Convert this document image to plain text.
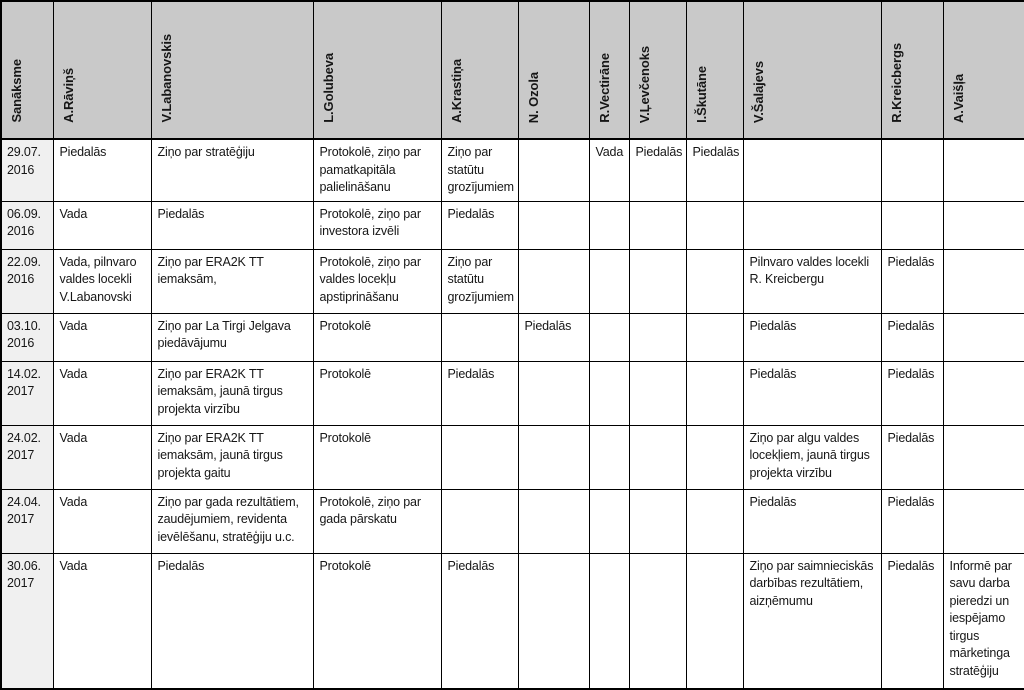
Sanāksme	A.Rāviņš	V.Labanovskis	L.Golubeva	A.Krastiņa	N. Ozola	R.Vectirāne	V.Ļevčenoks	I.Škutāne	V.Šalajevs	R.Kreicbergs	A.Vaišļa
29.07. 2016	Piedalās	Ziņo par stratēģiju	Protokolē, ziņo par pamatkapitāla palielināšanu	Ziņo par statūtu grozījumiem		Vada	Piedalās	Piedalās			
06.09. 2016	Vada	Piedalās	Protokolē, ziņo par investora izvēli	Piedalās							
22.09. 2016	Vada, pilnvaro valdes locekli V.Labanovski	Ziņo par ERA2K TT iemaksām,	Protokolē, ziņo par valdes locekļu apstiprināšanu	Ziņo par statūtu grozījumiem					Pilnvaro valdes locekli R. Kreicbergu	Piedalās	
03.10. 2016	Vada	Ziņo par La Tirgi Jelgava piedāvājumu	Protokolē		Piedalās				Piedalās	Piedalās	
14.02. 2017	Vada	Ziņo par ERA2K TT iemaksām, jaunā tirgus projekta virzību	Protokolē	Piedalās					Piedalās	Piedalās	
24.02. 2017	Vada	Ziņo par ERA2K TT iemaksām, jaunā tirgus projekta gaitu	Protokolē						Ziņo par algu valdes locekļiem, jaunā tirgus projekta virzību	Piedalās	
24.04. 2017	Vada	Ziņo par gada rezultātiem, zaudējumiem, revidenta ievēlēšanu, stratēģiju u.c.	Protokolē, ziņo par gada pārskatu						Piedalās	Piedalās	
30.06. 2017	Vada	Piedalās	Protokolē	Piedalās					Ziņo par saimnieciskās darbības rezultātiem, aizņēmumu	Piedalās	Informē par savu darba pieredzi un iespējamo tirgus mārketinga stratēģiju
